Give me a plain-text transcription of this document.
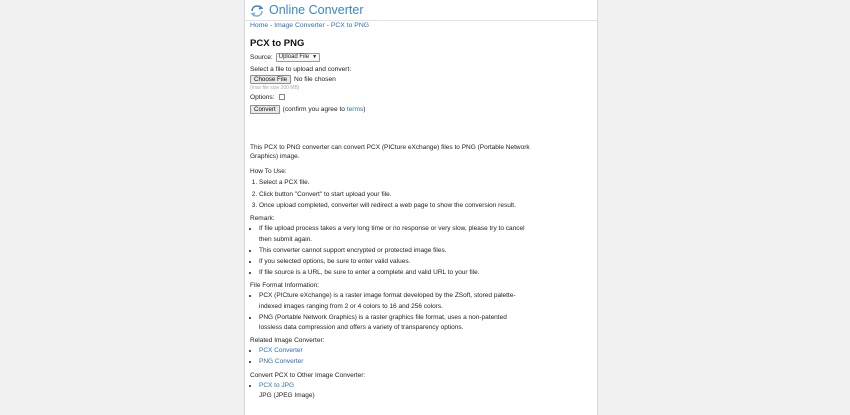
Online Converter
Home - Image Converter - PCX to PNG
PCX to PNG
Source: Upload File ▼
Select a file to upload and convert:
Choose File	No file chosen
(max file size 200 MB)
Options:
Convert	(confirm you agree to terms)
This PCX to PNG converter can convert PCX (PICture eXchange) files to PNG (Portable Network Graphics) image.
How To Use:
1. Select a PCX file.
2. Click button "Convert" to start upload your file.
3. Once upload completed, converter will redirect a web page to show the conversion result.
Remark:
• If file upload process takes a very long time or no response or very slow, please try to cancel then submit again.
• This converter cannot support encrypted or protected image files.
• If you selected options, be sure to enter valid values.
• If file source is a URL, be sure to enter a complete and valid URL to your file.
File Format Information:
• PCX (PICture eXchange) is a raster image format developed by the ZSoft, stored palette-indexed images ranging from 2 or 4 colors to 16 and 256 colors.
• PNG (Portable Network Graphics) is a raster graphics file format, uses a non-patented lossless data compression and offers a variety of transparency options.
Related Image Converter:
• PCX Converter
• PNG Converter
Convert PCX to Other Image Converter:
• PCX to JPG
JPG (JPEG Image)
